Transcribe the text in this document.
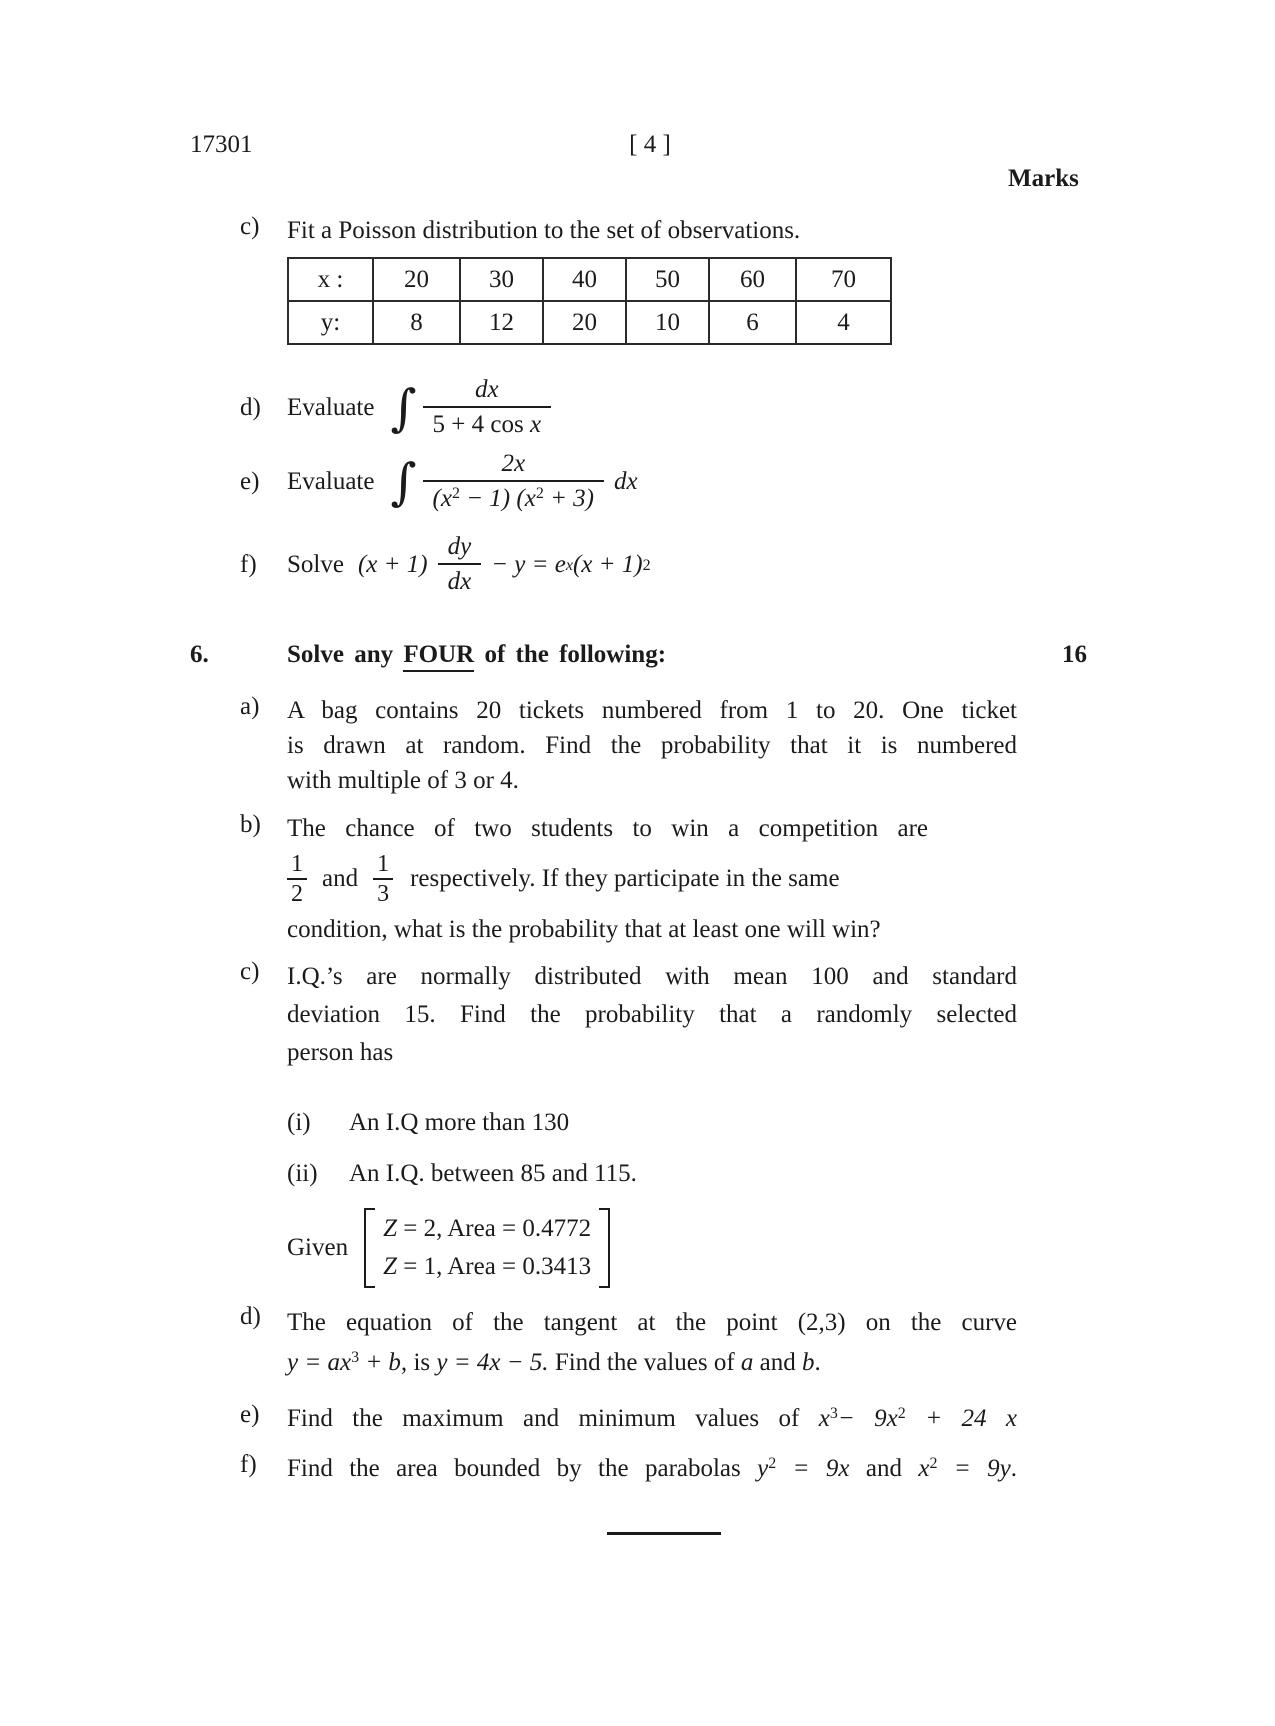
17301	[ 4 ]
Marks
c) Fit a Poisson distribution to the set of observations.
x :	20	30	40	50	60	70
y:	8	12	20	10	6	4
d) Evaluate ∫ $\frac{dx}{\text{5 + 4 cos x}}$
e) Evaluate ∫ $\frac{2x}{(x^2 - 1) (x^2 + 3)}$ dx
f) Solve $(x + 1) \frac{dy}{dx} - y = e^x$ $(x + 1)^2$
6.	Solve any FOUR of the following:	16
a) A bag contains 20 tickets numbered from 1 to 20. One ticket
is drawn at random. Find the probability that it is numbered
with multiple of 3 or 4.
b) The chance of two students to win a competition are
$\frac{1}{2}$ and $\frac{1}{3}$ respectively. If they participate in the same
condition, what is the probability that at least one will win?
c) I.Q.’s are normally distributed with mean 100 and standard
deviation 15. Find the probability that a randomly selected
person has
(i) An I.Q more than 130
(ii) An I.Q. between 85 and 115.
Given
Z = 2, Area = 0.4772
Z = 1, Area = 0.3413
d) The equation of the tangent at the point (2,3) on the curve
$y = ax^3 + b$, is y = 4x − 5. Find the values of a and b.
e) Find the maximum and minimum values of $x^3- 9x^2 + 24$ x
f) Find the area bounded by the parabolas $y^2 = 9x$ and $x^2 = 9y$.
